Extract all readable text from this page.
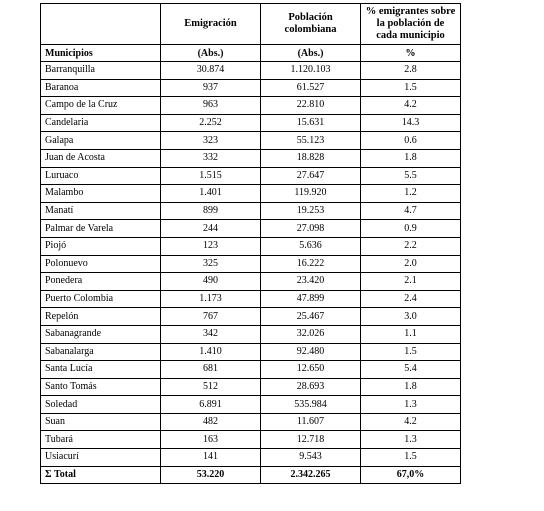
	Emigración	Población colombiana	% emigrantes sobre la población de cada municipio
Municipios	(Abs.)	(Abs.)	%
Barranquilla	30.874	1.120.103	2.8
Baranoa	937	61.527	1.5
Campo de la Cruz	963	22.810	4.2
Candelaria	2.252	15.631	14.3
Galapa	323	55.123	0.6
Juan de Acosta	332	18.828	1.8
Luruaco	1.515	27.647	5.5
Malambo	1.401	119.920	1.2
Manatí	899	19.253	4.7
Palmar de Varela	244	27.098	0.9
Piojó	123	5.636	2.2
Polonuevo	325	16.222	2.0
Ponedera	490	23.420	2.1
Puerto Colombia	1.173	47.899	2.4
Repelón	767	25.467	3.0
Sabanagrande	342	32.026	1.1
Sabanalarga	1.410	92.480	1.5
Santa Lucía	681	12.650	5.4
Santo Tomás	512	28.693	1.8
Soledad	6.891	535.984	1.3
Suan	482	11.607	4.2
Tubará	163	12.718	1.3
Usiacurí	141	9.543	1.5
Σ Total	53.220	2.342.265	67,0%
